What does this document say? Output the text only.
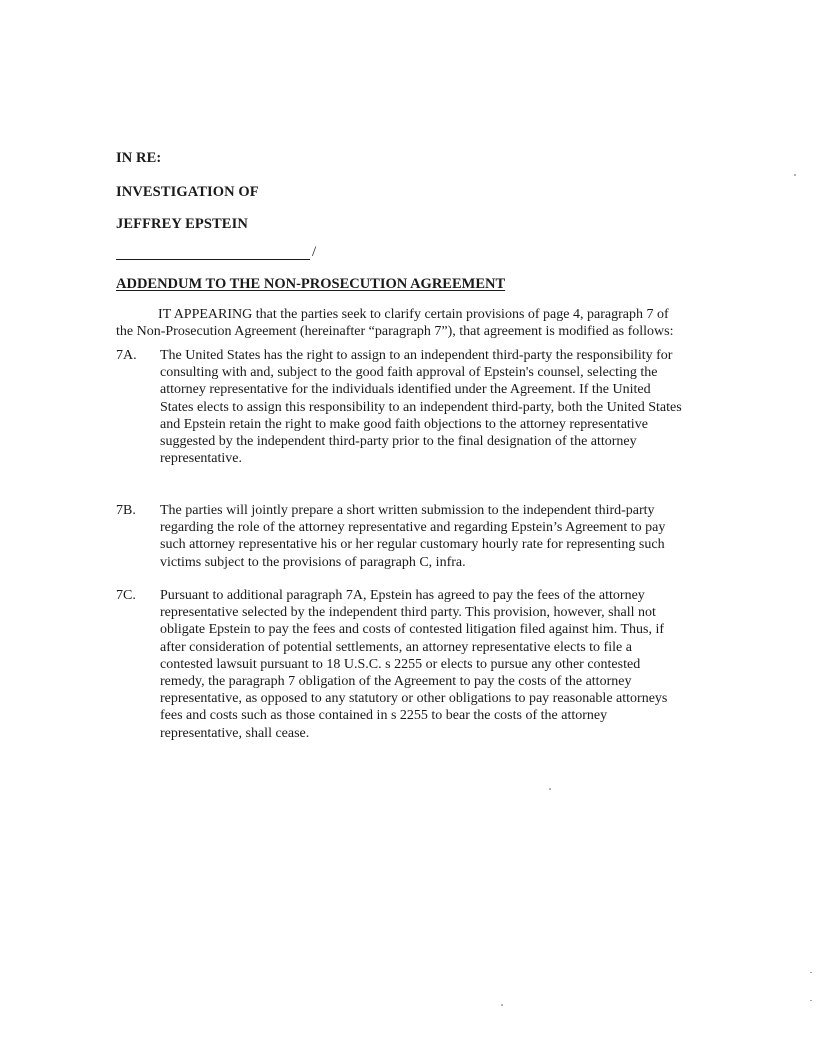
IN RE:
INVESTIGATION OF
JEFFREY EPSTEIN
/
ADDENDUM TO THE NON-PROSECUTION AGREEMENT

IT APPEARING that the parties seek to clarify certain provisions of page 4, paragraph 7 of the Non-Prosecution Agreement (hereinafter “paragraph 7”), that agreement is modified as follows:

7A. The United States has the right to assign to an independent third-party the responsibility for consulting with and, subject to the good faith approval of Epstein's counsel, selecting the attorney representative for the individuals identified under the Agreement. If the United States elects to assign this responsibility to an independent third-party, both the United States and Epstein retain the right to make good faith objections to the attorney representative suggested by the independent third-party prior to the final designation of the attorney representative.

7B. The parties will jointly prepare a short written submission to the independent third-party regarding the role of the attorney representative and regarding Epstein’s Agreement to pay such attorney representative his or her regular customary hourly rate for representing such victims subject to the provisions of paragraph C, infra.

7C. Pursuant to additional paragraph 7A, Epstein has agreed to pay the fees of the attorney representative selected by the independent third party. This provision, however, shall not obligate Epstein to pay the fees and costs of contested litigation filed against him. Thus, if after consideration of potential settlements, an attorney representative elects to file a contested lawsuit pursuant to 18 U.S.C. s 2255 or elects to pursue any other contested remedy, the paragraph 7 obligation of the Agreement to pay the costs of the attorney representative, as opposed to any statutory or other obligations to pay reasonable attorneys fees and costs such as those contained in s 2255 to bear the costs of the attorney representative, shall cease.
